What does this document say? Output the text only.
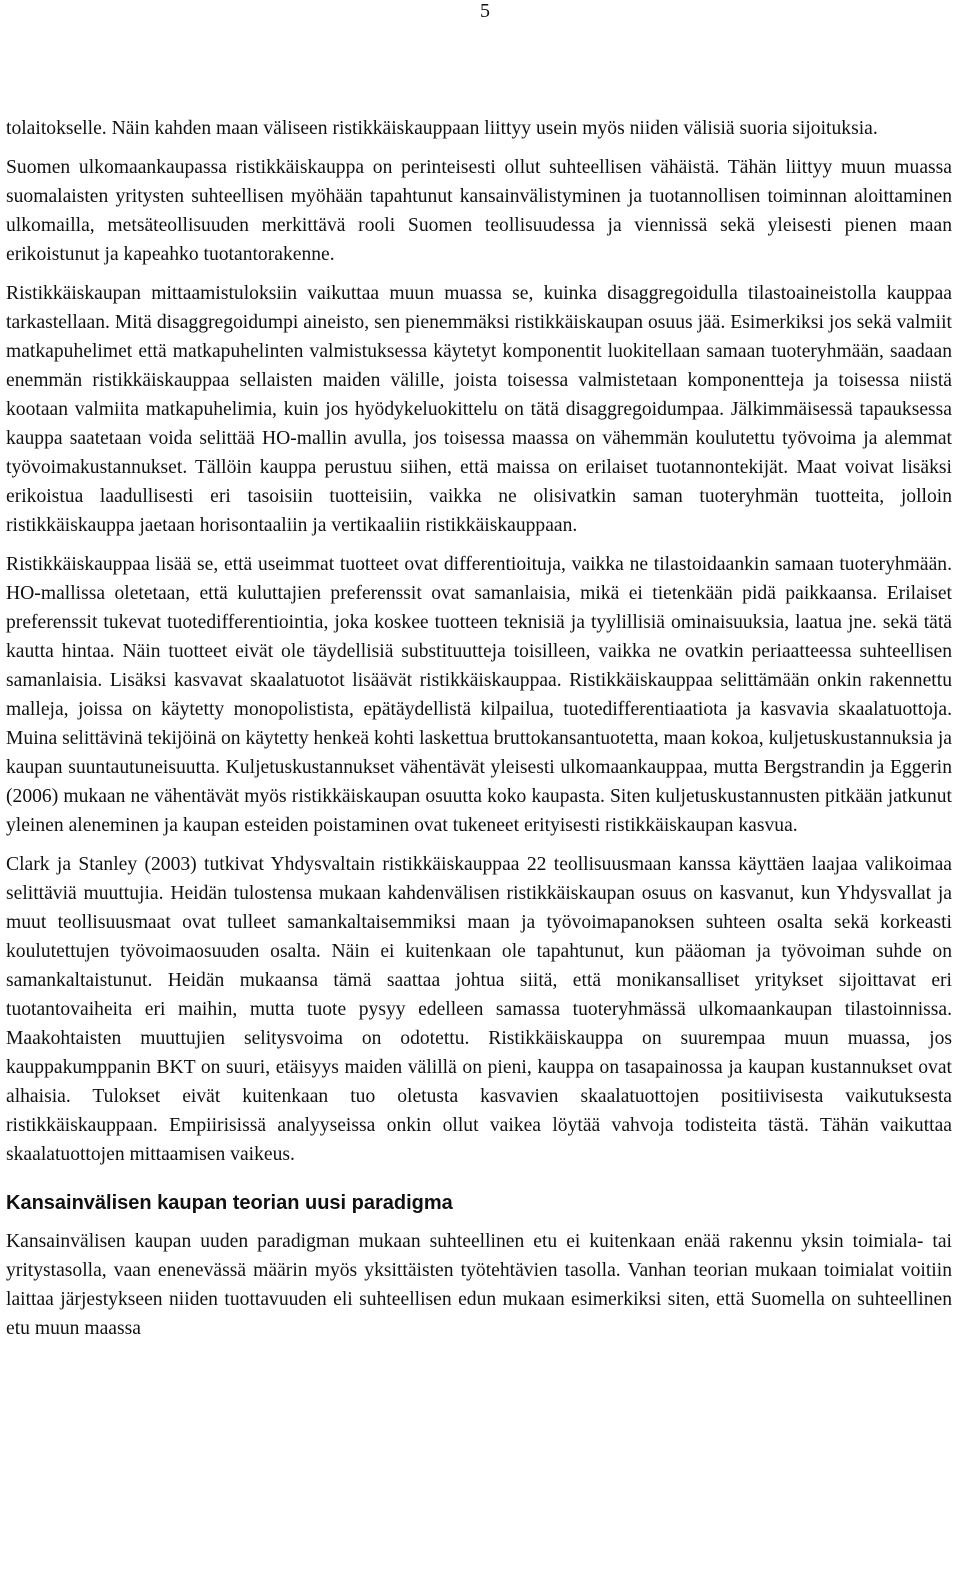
5

tolaitokselle. Näin kahden maan väliseen ristikkäiskauppaan liittyy usein myös niiden välisiä suoria sijoituksia.

Suomen ulkomaankaupassa ristikkäiskauppa on perinteisesti ollut suhteellisen vähäistä. Tähän liittyy muun muassa suomalaisten yritysten suhteellisen myöhään tapahtunut kansainvälistyminen ja tuotannollisen toiminnan aloittaminen ulkomailla, metsäteollisuuden merkittävä rooli Suomen teollisuudessa ja viennissä sekä yleisesti pienen maan erikoistunut ja kapeahko tuotantorakenne.

Ristikkäiskaupan mittaamistuloksiin vaikuttaa muun muassa se, kuinka disaggregoidulla tilastoaineistolla kauppaa tarkastellaan. Mitä disaggregoidumpi aineisto, sen pienemmäksi ristikkäiskaupan osuus jää. Esimerkiksi jos sekä valmiit matkapuhelimet että matkapuhelinten valmistuksessa käytetyt komponentit luokitellaan samaan tuoteryhmään, saadaan enemmän ristikkäiskauppaa sellaisten maiden välille, joista toisessa valmistetaan komponentteja ja toisessa niistä kootaan valmiita matkapuhelimia, kuin jos hyödykeluokittelu on tätä disaggregoidumpaa. Jälkimmäisessä tapauksessa kauppa saatetaan voida selittää HO-mallin avulla, jos toisessa maassa on vähemmän koulutettu työvoima ja alemmat työvoimakustannukset. Tällöin kauppa perustuu siihen, että maissa on erilaiset tuotannontekijät. Maat voivat lisäksi erikoistua laadullisesti eri tasoisiin tuotteisiin, vaikka ne olisivatkin saman tuoteryhmän tuotteita, jolloin ristikkäiskauppa jaetaan horisontaaliin ja vertikaaliin ristikkäiskauppaan.

Ristikkäiskauppaa lisää se, että useimmat tuotteet ovat differentioituja, vaikka ne tilastoidaankin samaan tuoteryhmään. HO-mallissa oletetaan, että kuluttajien preferenssit ovat samanlaisia, mikä ei tietenkään pidä paikkaansa. Erilaiset preferenssit tukevat tuotedifferentiointia, joka koskee tuotteen teknisiä ja tyylillisiä ominaisuuksia, laatua jne. sekä tätä kautta hintaa. Näin tuotteet eivät ole täydellisiä substituutteja toisilleen, vaikka ne ovatkin periaatteessa suhteellisen samanlaisia. Lisäksi kasvavat skaalatuotot lisäävät ristikkäiskauppaa. Ristikkäiskauppaa selittämään onkin rakennettu malleja, joissa on käytetty monopolistista, epätäydellistä kilpailua, tuotedifferentiaatiota ja kasvavia skaalatuottoja. Muina selittävinä tekijöinä on käytetty henkeä kohti laskettua bruttokansantuotetta, maan kokoa, kuljetuskustannuksia ja kaupan suuntautuneisuutta. Kuljetuskustannukset vähentävät yleisesti ulkomaankauppaa, mutta Bergstrandin ja Eggerin (2006) mukaan ne vähentävät myös ristikkäiskaupan osuutta koko kaupasta. Siten kuljetuskustannusten pitkään jatkunut yleinen aleneminen ja kaupan esteiden poistaminen ovat tukeneet erityisesti ristikkäiskaupan kasvua.

Clark ja Stanley (2003) tutkivat Yhdysvaltain ristikkäiskauppaa 22 teollisuusmaan kanssa käyttäen laajaa valikoimaa selittäviä muuttujia. Heidän tulostensa mukaan kahdenvälisen ristikkäiskaupan osuus on kasvanut, kun Yhdysvallat ja muut teollisuusmaat ovat tulleet samankaltaisemmiksi maan ja työvoimapanoksen suhteen osalta sekä korkeasti koulutettujen työvoimaosuuden osalta. Näin ei kuitenkaan ole tapahtunut, kun pääoman ja työvoiman suhde on samankaltaistunut. Heidän mukaansa tämä saattaa johtua siitä, että monikansalliset yritykset sijoittavat eri tuotantovaiheita eri maihin, mutta tuote pysyy edelleen samassa tuoteryhmässä ulkomaankaupan tilastoinnissa. Maakohtaisten muuttujien selitysvoima on odotettu. Ristikkäiskauppa on suurempaa muun muassa, jos kauppakumppanin BKT on suuri, etäisyys maiden välillä on pieni, kauppa on tasapainossa ja kaupan kustannukset ovat alhaisia. Tulokset eivät kuitenkaan tuo oletusta kasvavien skaalatuottojen positiivisesta vaikutuksesta ristikkäiskauppaan. Empiirisissä analyyseissa onkin ollut vaikea löytää vahvoja todisteita tästä. Tähän vaikuttaa skaalatuottojen mittaamisen vaikeus.

Kansainvälisen kaupan teorian uusi paradigma

Kansainvälisen kaupan uuden paradigman mukaan suhteellinen etu ei kuitenkaan enää rakennu yksin toimiala- tai yritystasolla, vaan enenevässä määrin myös yksittäisten työtehtävien tasolla. Vanhan teorian mukaan toimialat voitiin laittaa järjestykseen niiden tuottavuuden eli suhteellisen edun mukaan esimerkiksi siten, että Suomella on suhteellinen etu muun maassa
